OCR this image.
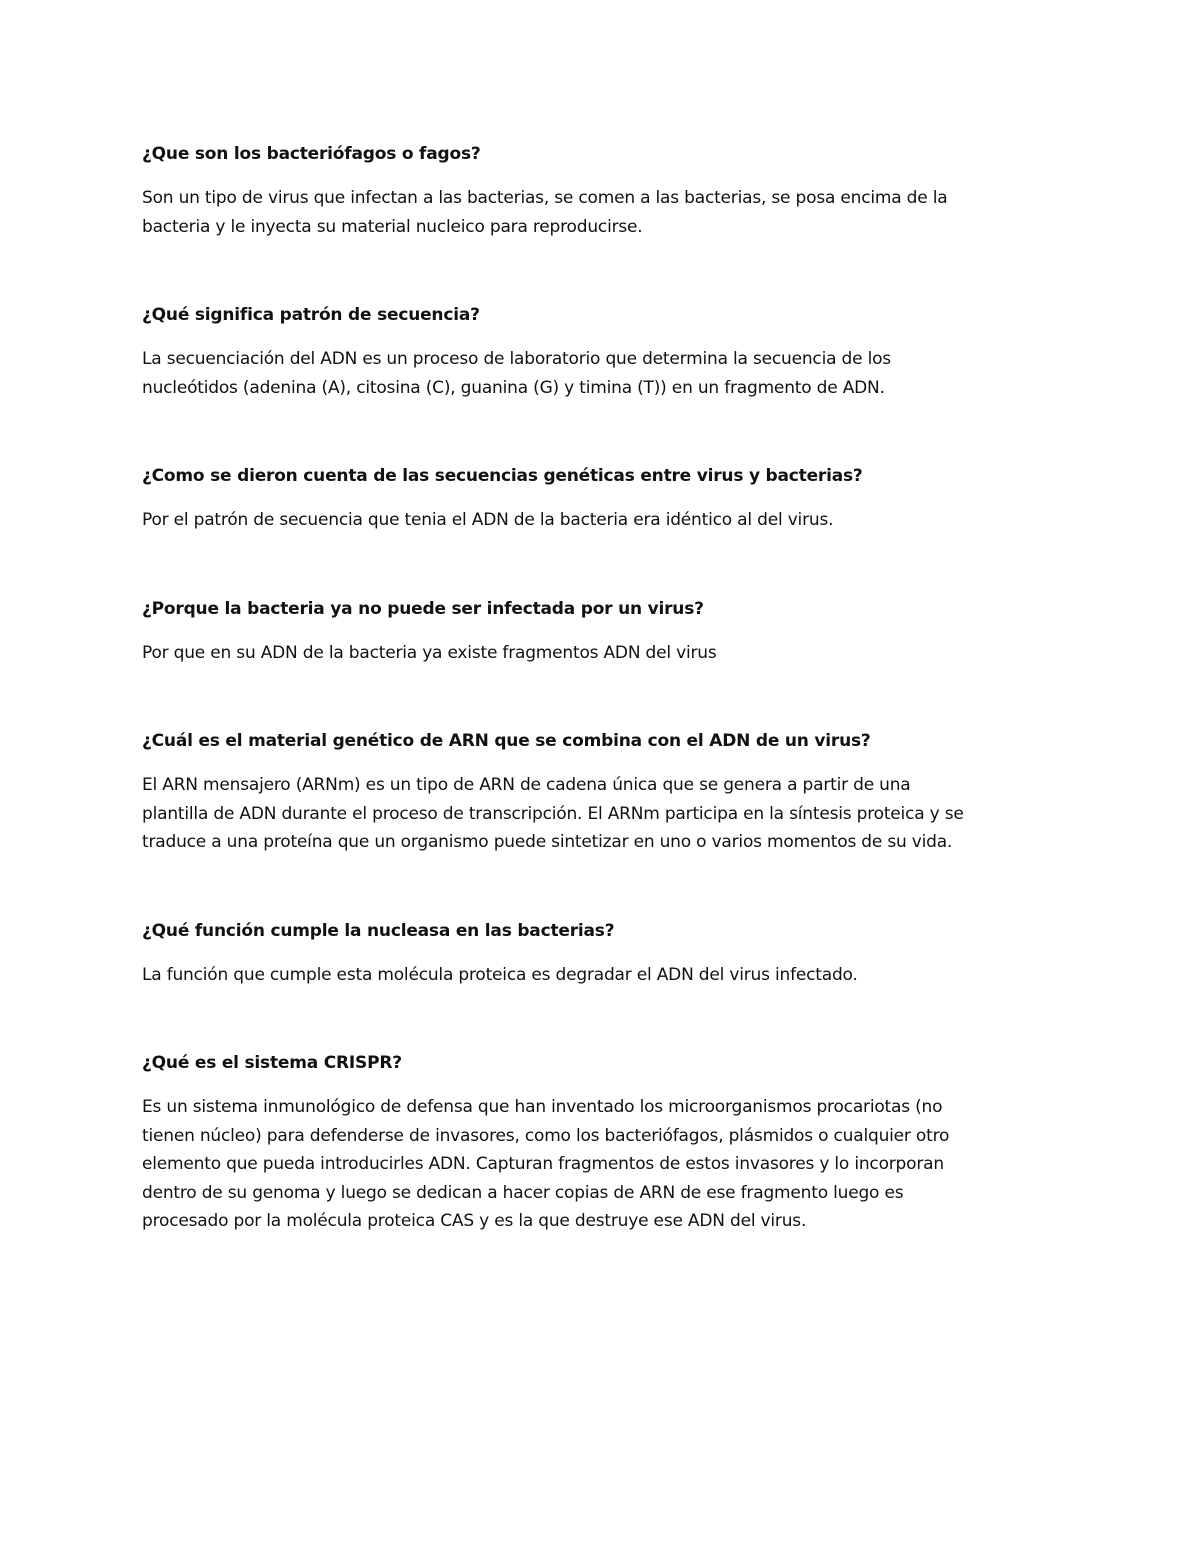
¿Que son los bacteriófagos o fagos?

Son un tipo de virus que infectan a las bacterias, se comen a las bacterias, se posa encima de la
bacteria y le inyecta su material nucleico para reproducirse.

¿Qué significa patrón de secuencia?

La secuenciación del ADN es un proceso de laboratorio que determina la secuencia de los
nucleótidos (adenina (A), citosina (C), guanina (G) y timina (T)) en un fragmento de ADN.

¿Como se dieron cuenta de las secuencias genéticas entre virus y bacterias?

Por el patrón de secuencia que tenia el ADN de la bacteria era idéntico al del virus.

¿Porque la bacteria ya no puede ser infectada por un virus?

Por que en su ADN de la bacteria ya existe fragmentos ADN del virus

¿Cuál es el material genético de ARN que se combina con el ADN de un virus?

El ARN mensajero (ARNm) es un tipo de ARN de cadena única que se genera a partir de una
plantilla de ADN durante el proceso de transcripción. El ARNm participa en la síntesis proteica y se
traduce a una proteína que un organismo puede sintetizar en uno o varios momentos de su vida.

¿Qué función cumple la nucleasa en las bacterias?

La función que cumple esta molécula proteica es degradar el ADN del virus infectado.

¿Qué es el sistema CRISPR?

Es un sistema inmunológico de defensa que han inventado los microorganismos procariotas (no
tienen núcleo) para defenderse de invasores, como los bacteriófagos, plásmidos o cualquier otro
elemento que pueda introducirles ADN. Capturan fragmentos de estos invasores y lo incorporan
dentro de su genoma y luego se dedican a hacer copias de ARN de ese fragmento luego es
procesado por la molécula proteica CAS y es la que destruye ese ADN del virus.
